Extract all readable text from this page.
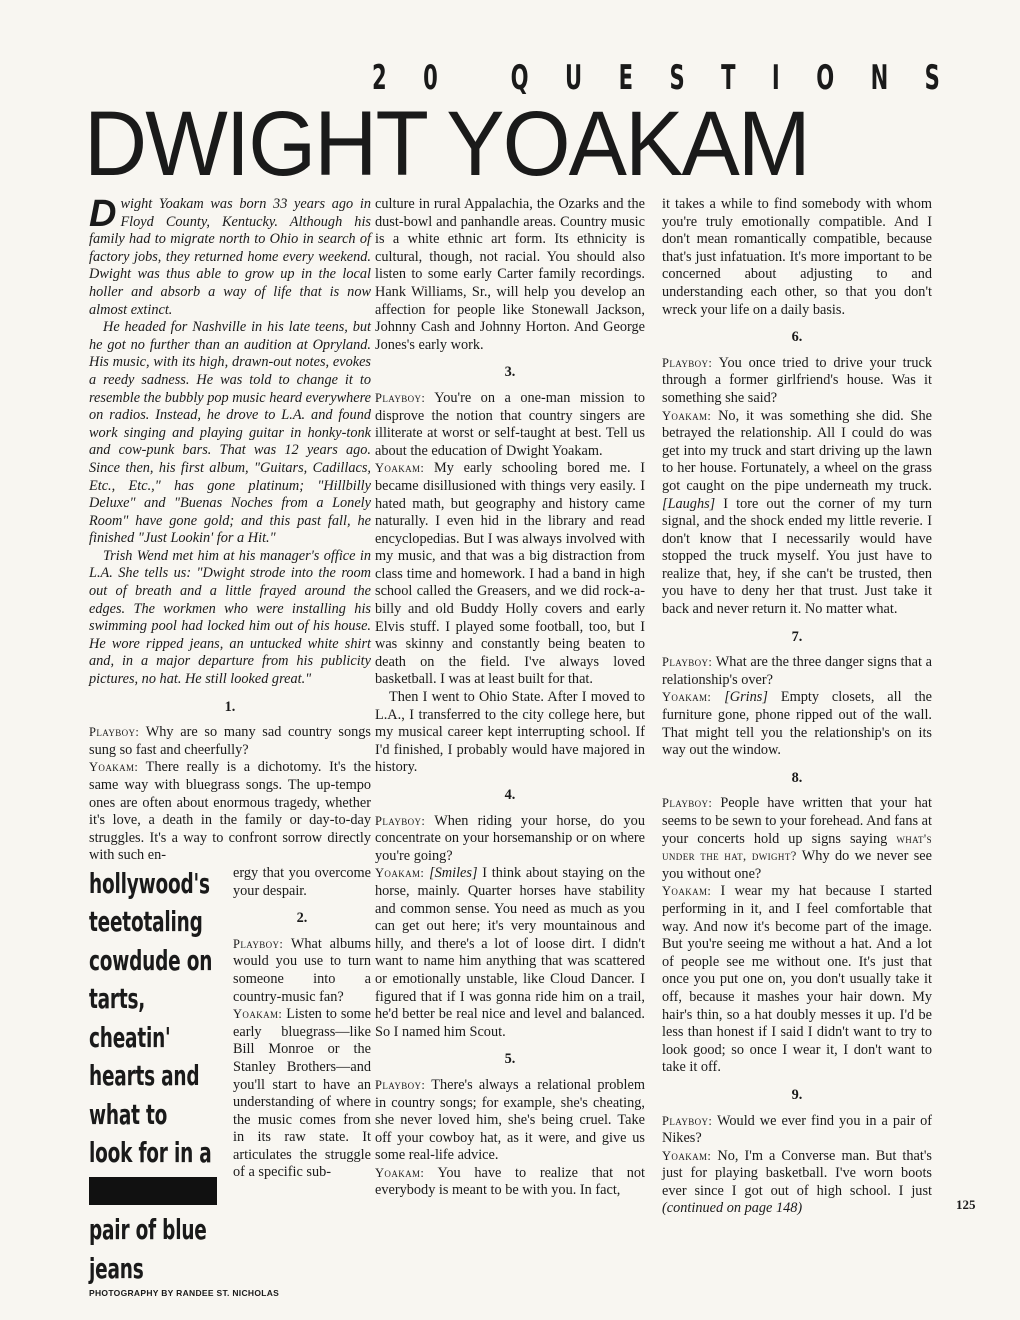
2 0 Q U E S T I O N S
DWIGHT YOAKAM

Dwight Yoakam was born 33 years ago in Floyd County, Kentucky. Although his family had to migrate north to Ohio in search of factory jobs, they returned home every weekend. Dwight was thus able to grow up in the local holler and absorb a way of life that is now almost extinct.

He headed for Nashville in his late teens, but he got no further than an audition at Opryland. His music, with its high, drawn-out notes, evokes a reedy sadness. He was told to change it to resemble the bubbly pop music heard everywhere on radios. Instead, he drove to L.A. and found work singing and playing guitar in honky-tonk and cow-punk bars. That was 12 years ago. Since then, his first album, "Guitars, Cadillacs, Etc., Etc.," has gone platinum; "Hillbilly Deluxe" and "Buenas Noches from a Lonely Room" have gone gold; and this past fall, he finished "Just Lookin' for a Hit."

Trish Wend met him at his manager's office in L.A. She tells us: "Dwight strode into the room out of breath and a little frayed around the edges. The workmen who were installing his swimming pool had locked him out of his house. He wore ripped jeans, an untucked white shirt and, in a major departure from his publicity pictures, no hat. He still looked great."

1.

Playboy: Why are so many sad country songs sung so fast and cheerfully?

Yoakam: There really is a dichotomy. It's the same way with bluegrass songs. The up-tempo ones are often about enormous tragedy, whether it's love, a death in the family or day-to-day struggles. It's a way to confront sorrow directly with such en-

hollywood's teetotaling cowdude on tarts, cheatin' hearts and what to look for in a pair of blue jeans

ergy that you overcome your despair.

2.

Playboy: What albums would you use to turn someone into a country-music fan?

Yoakam: Listen to some early bluegrass—like Bill Monroe or the Stanley Brothers—and you'll start to have an understanding of where the music comes from in its raw state. It articulates the struggle of a specific sub-

culture in rural Appalachia, the Ozarks and the dust-bowl and panhandle areas. Country music is a white ethnic art form. Its ethnicity is cultural, though, not racial. You should also listen to some early Carter family recordings. Hank Williams, Sr., will help you develop an affection for people like Stonewall Jackson, Johnny Cash and Johnny Horton. And George Jones's early work.

3.

Playboy: You're on a one-man mission to disprove the notion that country singers are illiterate at worst or self-taught at best. Tell us about the education of Dwight Yoakam.

Yoakam: My early schooling bored me. I became disillusioned with things very easily. I hated math, but geography and history came naturally. I even hid in the library and read encyclopedias. But I was always involved with my music, and that was a big distraction from class time and homework. I had a band in high school called the Greasers, and we did rock-a-billy and old Buddy Holly covers and early Elvis stuff. I played some football, too, but I was skinny and constantly being beaten to death on the field. I've always loved basketball. I was at least built for that.

Then I went to Ohio State. After I moved to L.A., I transferred to the city college here, but my musical career kept interrupting school. If I'd finished, I probably would have majored in history.

4.

Playboy: When riding your horse, do you concentrate on your horsemanship or on where you're going?

Yoakam: [Smiles] I think about staying on the horse, mainly. Quarter horses have stability and common sense. You need as much as you can get out here; it's very mountainous and hilly, and there's a lot of loose dirt. I didn't want to name him anything that was scattered or emotionally unstable, like Cloud Dancer. I figured that if I was gonna ride him on a trail, he'd better be real nice and level and balanced. So I named him Scout.

5.

Playboy: There's always a relational problem in country songs; for example, she's cheating, she never loved him, she's being cruel. Take off your cowboy hat, as it were, and give us some real-life advice.

Yoakam: You have to realize that not everybody is meant to be with you. In fact,

it takes a while to find somebody with whom you're truly emotionally compatible. And I don't mean romantically compatible, because that's just infatuation. It's more important to be concerned about adjusting to and understanding each other, so that you don't wreck your life on a daily basis.

6.

Playboy: You once tried to drive your truck through a former girlfriend's house. Was it something she said?

Yoakam: No, it was something she did. She betrayed the relationship. All I could do was get into my truck and start driving up the lawn to her house. Fortunately, a wheel on the grass got caught on the pipe underneath my truck. [Laughs] I tore out the corner of my turn signal, and the shock ended my little reverie. I don't know that I necessarily would have stopped the truck myself. You just have to realize that, hey, if she can't be trusted, then you have to deny her that trust. Just take it back and never return it. No matter what.

7.

Playboy: What are the three danger signs that a relationship's over?

Yoakam: [Grins] Empty closets, all the furniture gone, phone ripped out of the wall. That might tell you the relationship's on its way out the window.

8.

Playboy: People have written that your hat seems to be sewn to your forehead. And fans at your concerts hold up signs saying what's under the hat, dwight? Why do we never see you without one?

Yoakam: I wear my hat because I started performing in it, and I feel comfortable that way. And now it's become part of the image. But you're seeing me without a hat. And a lot of people see me without one. It's just that once you put one on, you don't usually take it off, because it mashes your hair down. My hair's thin, so a hat doubly messes it up. I'd be less than honest if I said I didn't want to try to look good; so once I wear it, I don't want to take it off.

9.

Playboy: Would we ever find you in a pair of Nikes?

Yoakam: No, I'm a Converse man. But that's just for playing basketball. I've worn boots ever since I got out of high school. I just (continued on page 148)	125
PHOTOGRAPHY BY RANDEE ST. NICHOLAS
